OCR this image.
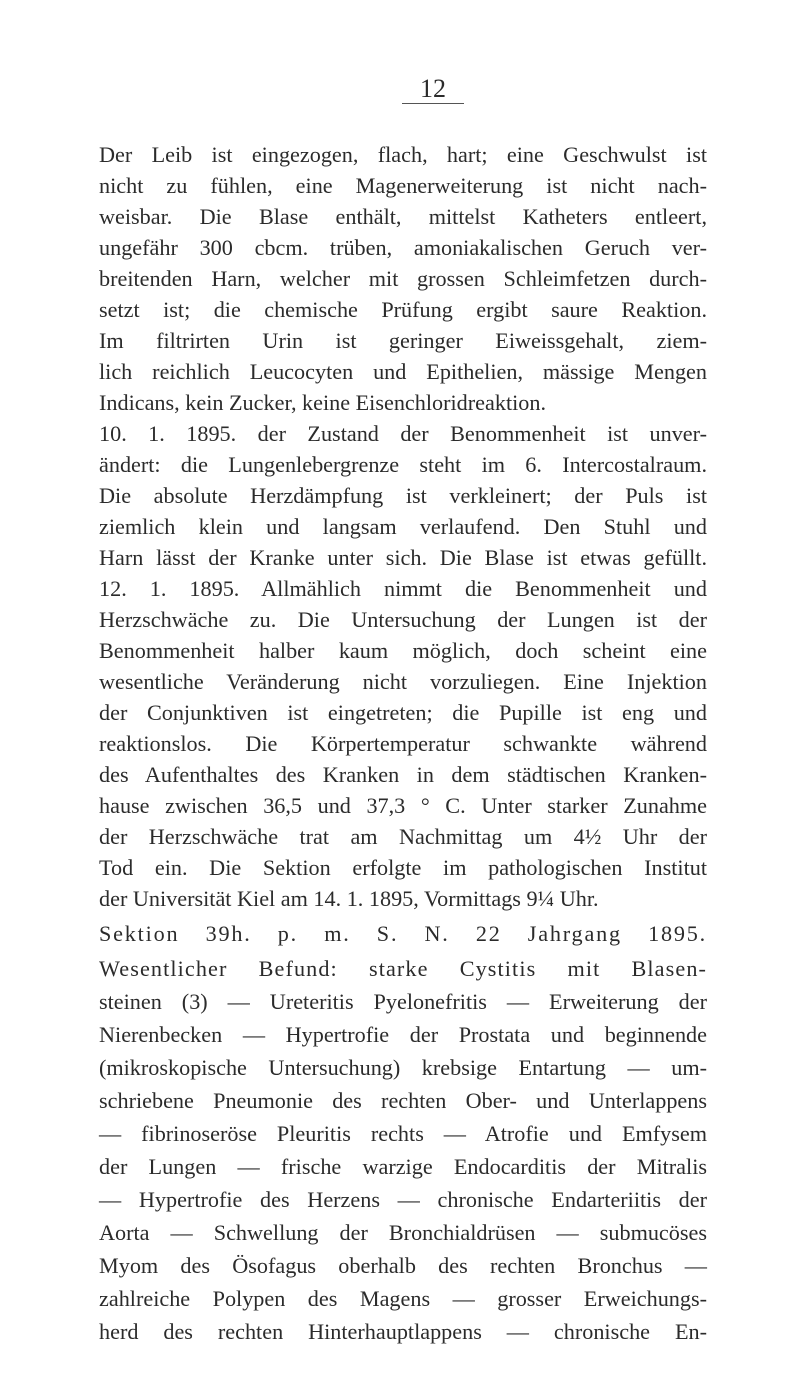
12
Der Leib ist eingezogen, flach, hart; eine Geschwulst ist
nicht zu fühlen, eine Magenerweiterung ist nicht nach-
weisbar. Die Blase enthält, mittelst Katheters entleert,
ungefähr 300 cbcm. trüben, amoniakalischen Geruch ver-
breitenden Harn, welcher mit grossen Schleimfetzen durch-
setzt ist; die chemische Prüfung ergibt saure Reaktion.
Im filtrirten Urin ist geringer Eiweissgehalt, ziem-
lich reichlich Leucocyten und Epithelien, mässige Mengen
Indicans, kein Zucker, keine Eisenchloridreaktion.
10. 1. 1895. der Zustand der Benommenheit ist unver-
ändert: die Lungenlebergrenze steht im 6. Intercostalraum.
Die absolute Herzdämpfung ist verkleinert; der Puls ist
ziemlich klein und langsam verlaufend. Den Stuhl und
Harn lässt der Kranke unter sich. Die Blase ist etwas gefüllt.
12. 1. 1895. Allmählich nimmt die Benommenheit und
Herzschwäche zu. Die Untersuchung der Lungen ist der
Benommenheit halber kaum möglich, doch scheint eine
wesentliche Veränderung nicht vorzuliegen. Eine Injektion
der Conjunktiven ist eingetreten; die Pupille ist eng und
reaktionslos. Die Körpertemperatur schwankte während
des Aufenthaltes des Kranken in dem städtischen Kranken-
hause zwischen 36,5 und 37,3 ° C. Unter starker Zunahme
der Herzschwäche trat am Nachmittag um 4½ Uhr der
Tod ein. Die Sektion erfolgte im pathologischen Institut
der Universität Kiel am 14. 1. 1895, Vormittags 9¼ Uhr.
Sektion 39h. p. m. S. N. 22 Jahrgang 1895.
Wesentlicher Befund: starke Cystitis mit Blasen-
steinen (3) — Ureteritis Pyelonefritis — Erweiterung der
Nierenbecken — Hypertrofie der Prostata und beginnende
(mikroskopische Untersuchung) krebsige Entartung — um-
schriebene Pneumonie des rechten Ober- und Unterlappens
— fibrinoseröse Pleuritis rechts — Atrofie und Emfysem
der Lungen — frische warzige Endocarditis der Mitralis
— Hypertrofie des Herzens — chronische Endarteriitis der
Aorta — Schwellung der Bronchialdrüsen — submucöses
Myom des Ösofagus oberhalb des rechten Bronchus —
zahlreiche Polypen des Magens — grosser Erweichungs-
herd des rechten Hinterhauptlappens — chronische En-
